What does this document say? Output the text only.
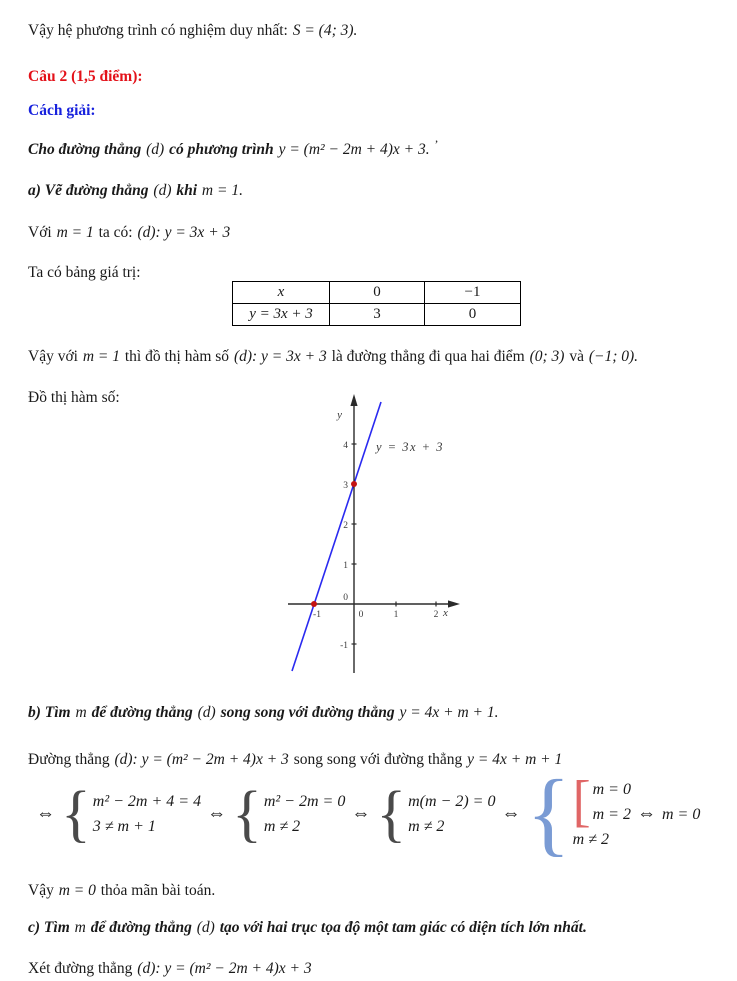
Vậy hệ phương trình có nghiệm duy nhất: S = (4; 3).

Câu 2 (1,5 điểm):

Cách giải:

Cho đường thẳng (d) có phương trình y = (m² − 2m + 4)x + 3. ’

a) Vẽ đường thẳng (d) khi m = 1.

Với m = 1 ta có: (d): y = 3x + 3

Ta có bảng giá trị:

x	0	−1
y = 3x + 3	3	0

Vậy với m = 1 thì đồ thị hàm số (d): y = 3x + 3 là đường thẳng đi qua hai điểm (0; 3) và (−1; 0).

Đồ thị hàm số:

y
x
4
3
2
1
0
-1
-1	0	1	2
y = 3x + 3

b) Tìm m để đường thẳng (d) song song với đường thẳng y = 4x + m + 1.

Đường thẳng (d): y = (m² − 2m + 4)x + 3 song song với đường thẳng y = 4x + m + 1

⇔ { m² − 2m + 4 = 4
3 ≠ m + 1
⇔ { m² − 2m = 0
m ≠ 2
⇔ { m(m − 2) = 0
m ≠ 2
⇔ { [ m = 0
m = 2
m ≠ 2
⇔ m = 0

Vậy m = 0 thỏa mãn bài toán.

c) Tìm m để đường thẳng (d) tạo với hai trục tọa độ một tam giác có diện tích lớn nhất.

Xét đường thẳng (d): y = (m² − 2m + 4)x + 3
